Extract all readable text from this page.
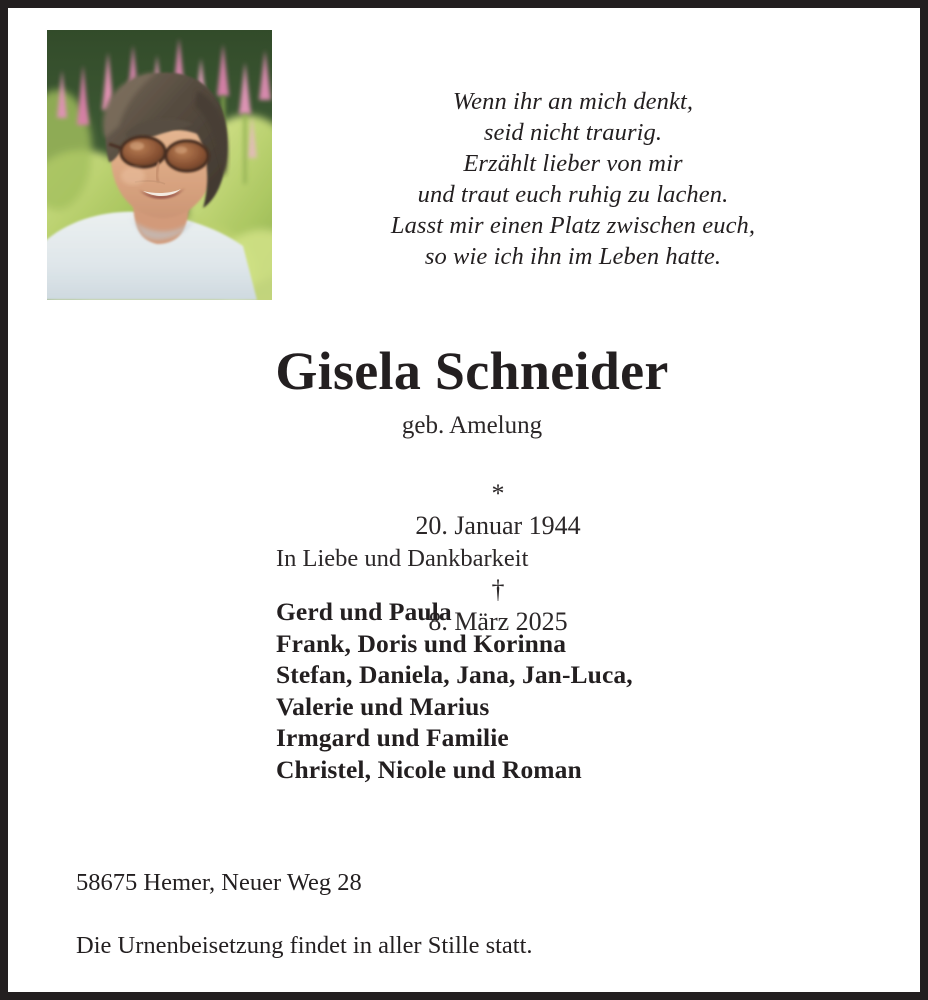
Wenn ihr an mich denkt,
seid nicht traurig.
Erzählt lieber von mir
und traut euch ruhig zu lachen.
Lasst mir einen Platz zwischen euch,
so wie ich ihn im Leben hatte.
Gisela Schneider
geb. Amelung

*
20. Januar 1944

†
8. März 2025

In Liebe und Dankbarkeit
Gerd und Paula
Frank, Doris und Korinna
Stefan, Daniela, Jana, Jan-Luca,
Valerie und Marius
Irmgard und Familie
Christel, Nicole und Roman
58675 Hemer, Neuer Weg 28
Die Urnenbeisetzung findet in aller Stille statt.
